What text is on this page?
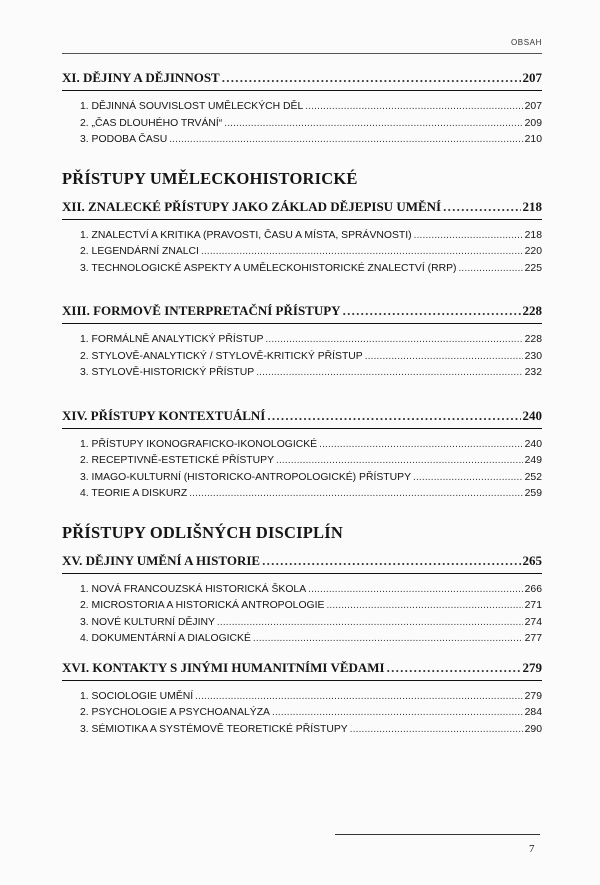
OBSAH
XI. DĚJINY A DĚJINNOST . . .	207
1. DĚJINNÁ SOUVISLOST UMĚLECKÝCH DĚL . . .	207
2. „ČAS DLOUHÉHO TRVÁNÍ“ . . .	209
3. PODOBA ČASU . . .	210
PŘÍSTUPY UMĚLECKOHISTORICKÉ
XII. ZNALECKÉ PŘÍSTUPY JAKO ZÁKLAD DĚJEPISU UMĚNÍ . . .	218
1. ZNALECTVÍ A KRITIKA (PRAVOSTI, ČASU A MÍSTA, SPRÁVNOSTI) . . .	218
2. LEGENDÁRNÍ ZNALCI . . .	220
3. TECHNOLOGICKÉ ASPEKTY A UMĚLECKOHISTORICKÉ ZNALECTVÍ (RRP) . . .	225
XIII. FORMOVĚ INTERPRETAČNÍ PŘÍSTUPY . . .	228
1. FORMÁLNĚ ANALYTICKÝ PŘÍSTUP . . .	228
2. STYLOVĚ-ANALYTICKÝ / STYLOVĚ-KRITICKÝ PŘÍSTUP . . .	230
3. STYLOVĚ-HISTORICKÝ PŘÍSTUP . . .	232
XIV. PŘÍSTUPY KONTEXTUÁLNÍ . . .	240
1. PŘÍSTUPY IKONOGRAFICKO-IKONOLOGICKÉ . . .	240
2. RECEPTIVNĚ-ESTETICKÉ PŘÍSTUPY . . .	249
3. IMAGO-KULTURNÍ (HISTORICKO-ANTROPOLOGICKÉ) PŘÍSTUPY . . .	252
4. TEORIE A DISKURZ . . .	259
PŘÍSTUPY ODLIŠNÝCH DISCIPLÍN
XV. DĚJINY UMĚNÍ A HISTORIE . . .	265
1. NOVÁ FRANCOUZSKÁ HISTORICKÁ ŠKOLA . . .	266
2. MICROSTORIA A HISTORICKÁ ANTROPOLOGIE . . .	271
3. NOVÉ KULTURNÍ DĚJINY . . .	274
4. DOKUMENTÁRNÍ A DIALOGICKÉ . . .	277
XVI. KONTAKTY S JINÝMI HUMANITNÍMI VĚDAMI . . .	279
1. SOCIOLOGIE UMĚNÍ . . .	279
2. PSYCHOLOGIE A PSYCHOANALÝZA . . .	284
3. SÉMIOTIKA A SYSTÉMOVĚ TEORETICKÉ PŘÍSTUPY . . .	290
7
